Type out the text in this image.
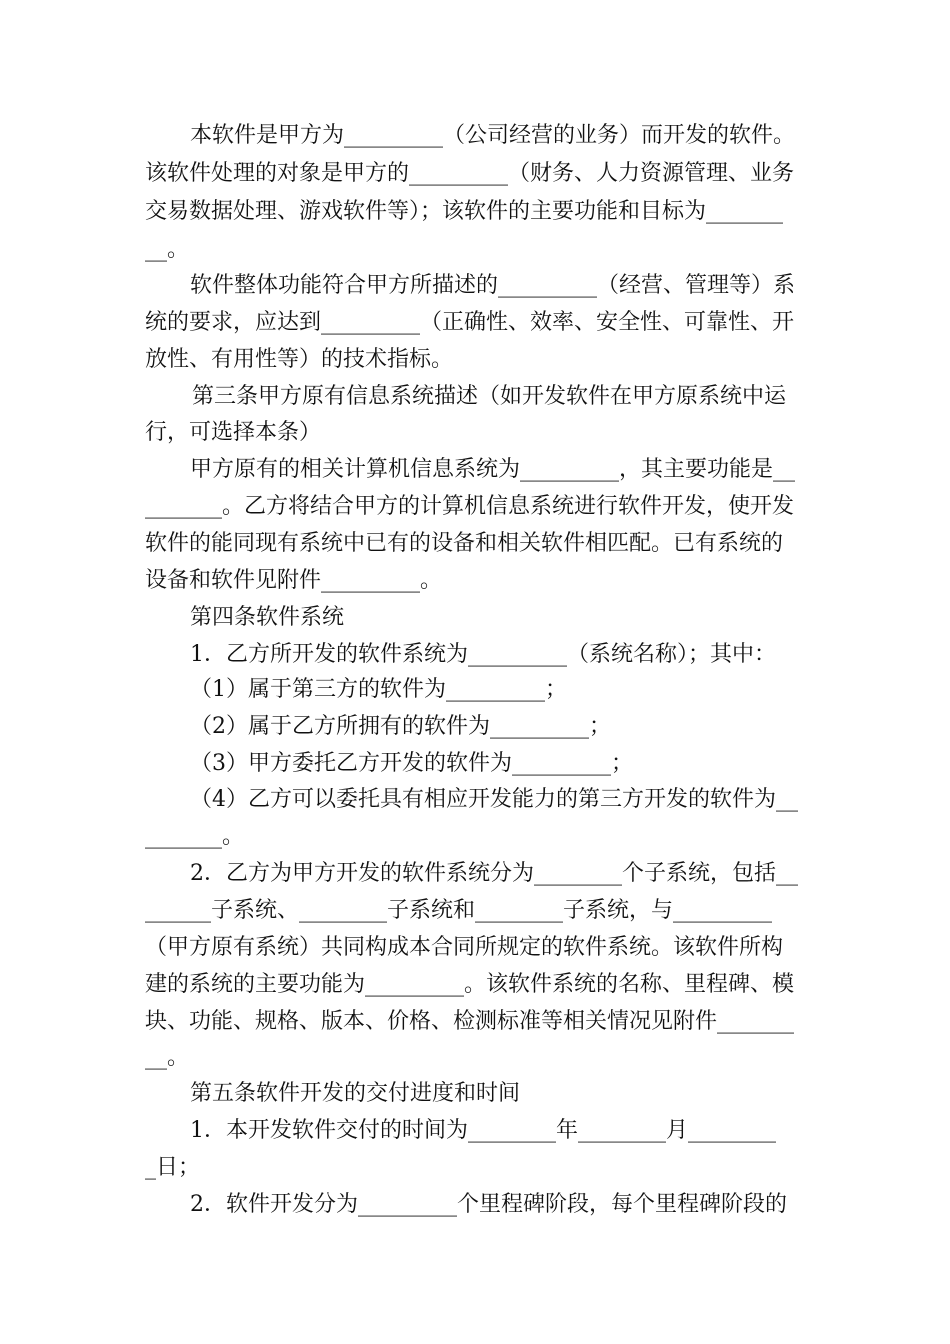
本软件是甲方为_________（公司经营的业务）而开发的软件。
该软件处理的对象是甲方的_________（财务、人力资源管理、业务
交易数据处理、游戏软件等）；该软件的主要功能和目标为_______
__。
软件整体功能符合甲方所描述的_________（经营、管理等）系
统的要求，应达到_________（正确性、效率、安全性、可靠性、开
放性、有用性等）的技术指标。
第三条甲方原有信息系统描述（如开发软件在甲方原系统中运
行，可选择本条）
甲方原有的相关计算机信息系统为_________，其主要功能是__
_______。乙方将结合甲方的计算机信息系统进行软件开发，使开发
软件的能同现有系统中已有的设备和相关软件相匹配。已有系统的
设备和软件见附件_________。
第四条软件系统
1．乙方所开发的软件系统为_________（系统名称）；其中：
（1）属于第三方的软件为_________；
（2）属于乙方所拥有的软件为_________；
（3）甲方委托乙方开发的软件为_________；
（4）乙方可以委托具有相应开发能力的第三方开发的软件为__
_______。
2．乙方为甲方开发的软件系统分为________个子系统，包括__
______子系统、________子系统和________子系统，与_________
（甲方原有系统）共同构成本合同所规定的软件系统。该软件所构
建的系统的主要功能为_________。该软件系统的名称、里程碑、模
块、功能、规格、版本、价格、检测标准等相关情况见附件_______
__。
第五条软件开发的交付进度和时间
1．本开发软件交付的时间为________年________月________
_日；
2．软件开发分为_________个里程碑阶段，每个里程碑阶段的
